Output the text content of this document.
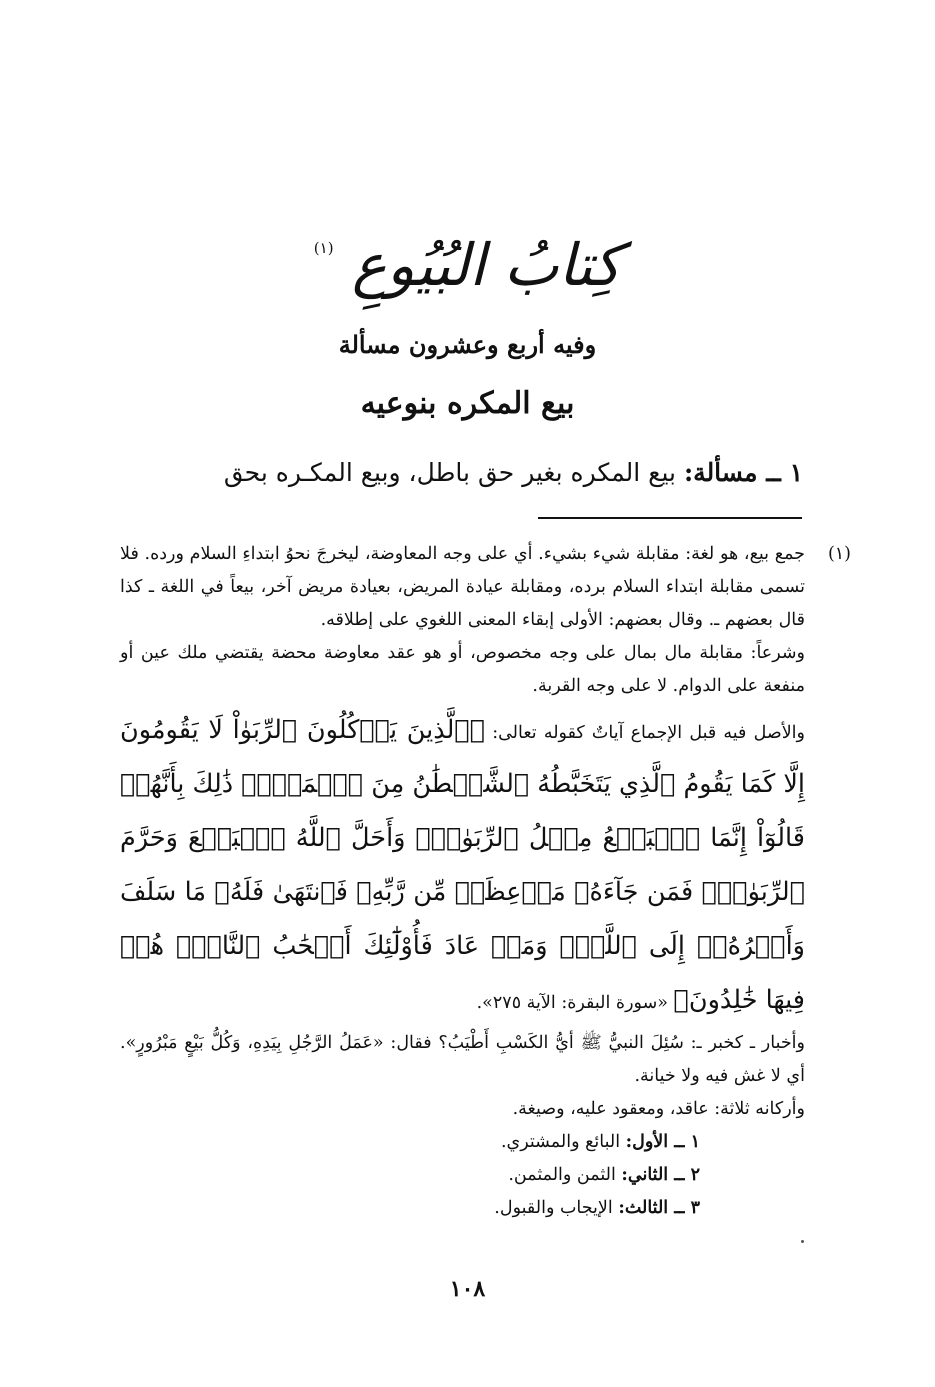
كِتابُ البُيُوعِ $^{(١)}$
وفيه أربع وعشرون مسألة
بيع المكره بنوعيه
١ ــ مسألة: بيع المكره بغير حق باطل، وبيع المكـره بحق
(١)

جمع بيع، هو لغة: مقابلة شيء بشيء. أي على وجه المعاوضة، ليخرجَ نحوُ ابتداءِ السلام ورده. فلا تسمى مقابلة ابتداء السلام برده، ومقابلة عيادة المريض، بعيادة مريض آخر، بيعاً في اللغة ـ كذا قال بعضهم ـ. وقال بعضهم: الأولى إبقاء المعنى اللغوي على إطلاقه.

وشرعاً: مقابلة مال بمال على وجه مخصوص، أو هو عقد معاوضة محضة يقتضي ملك عين أو منفعة على الدوام. لا على وجه القربة.

والأصل فيه قبل الإجماع آياتٌ كقوله تعالى: ﴿ٱلَّذِينَ يَأۡكُلُونَ ٱلرِّبَوٰاْ لَا يَقُومُونَ إِلَّا كَمَا يَقُومُ ٱلَّذِي يَتَخَبَّطُهُ ٱلشَّيۡطَٰنُ مِنَ ٱلۡمَسِّۚ ذَٰلِكَ بِأَنَّهُمۡ قَالُوٓاْ إِنَّمَا ٱلۡبَيۡعُ مِثۡلُ ٱلرِّبَوٰاْۗ وَأَحَلَّ ٱللَّهُ ٱلۡبَيۡعَ وَحَرَّمَ ٱلرِّبَوٰاْۚ فَمَن جَآءَهُۥ مَوۡعِظَةٞ مِّن رَّبِّهِۦ فَٱنتَهَىٰ فَلَهُۥ مَا سَلَفَ وَأَمۡرُهُۥٓ إِلَى ٱللَّهِۖ وَمَنۡ عَادَ فَأُوْلَٰٓئِكَ أَصۡحَٰبُ ٱلنَّارِۖ هُمۡ فِيهَا خَٰلِدُونَ﴾ «سورة البقرة: الآية ٢٧٥».

وأخبار ـ كخبر ـ: سُئِلَ النبيُّ ﷺ أيُّ الكَسْبِ أَطْيَبُ؟ فقال: «عَمَلُ الرَّجُلِ بِيَدِهِ، وَكُلُّ بَيْعٍ مَبْرُورٍ». أي لا غش فيه ولا خيانة.

وأركانه ثلاثة: عاقد، ومعقود عليه، وصيغة.

١ ــ الأول: البائع والمشتري.

٢ ــ الثاني: الثمن والمثمن.

٣ ــ الثالث: الإيجاب والقبول.

١٠٨
